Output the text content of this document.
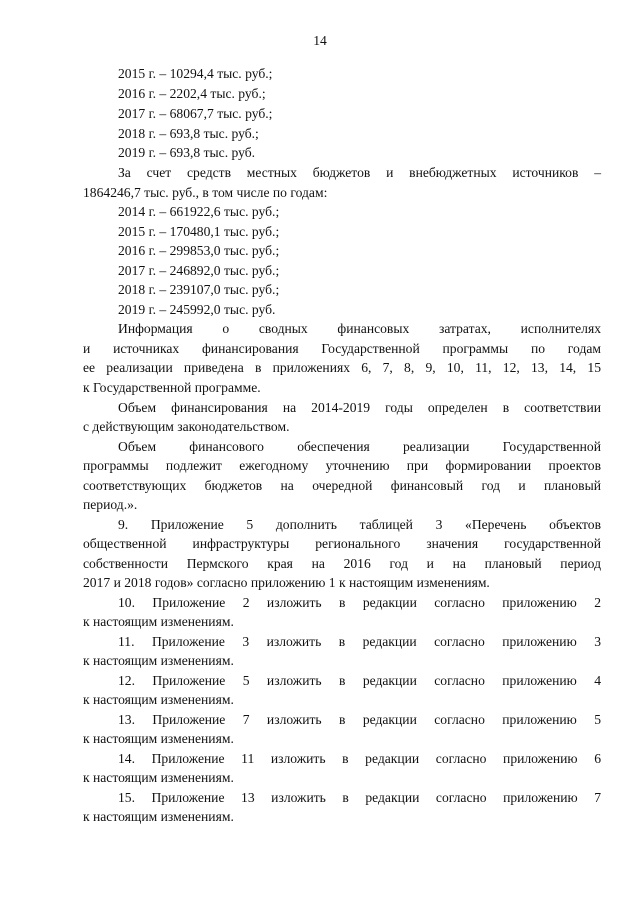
14
2015 г. – 10294,4 тыс. руб.;
2016 г. – 2202,4 тыс. руб.;
2017 г. – 68067,7 тыс. руб.;
2018 г. – 693,8 тыс. руб.;
2019 г. – 693,8 тыс. руб.
За счет средств местных бюджетов и внебюджетных источников –
1864246,7 тыс. руб., в том числе по годам:
2014 г. – 661922,6 тыс. руб.;
2015 г. – 170480,1 тыс. руб.;
2016 г. – 299853,0 тыс. руб.;
2017 г. – 246892,0 тыс. руб.;
2018 г. – 239107,0 тыс. руб.;
2019 г. – 245992,0 тыс. руб.
Информация о сводных финансовых затратах, исполнителях
и источниках финансирования Государственной программы по годам
ее реализации приведена в приложениях 6, 7, 8, 9, 10, 11, 12, 13, 14, 15
к Государственной программе.
Объем финансирования на 2014-2019 годы определен в соответствии
с действующим законодательством.
Объем финансового обеспечения реализации Государственной
программы подлежит ежегодному уточнению при формировании проектов
соответствующих бюджетов на очередной финансовый год и плановый
период.».
9. Приложение 5 дополнить таблицей 3 «Перечень объектов
общественной инфраструктуры регионального значения государственной
собственности Пермского края на 2016 год и на плановый период
2017 и 2018 годов» согласно приложению 1 к настоящим изменениям.
10. Приложение 2 изложить в редакции согласно приложению 2
к настоящим изменениям.
11. Приложение 3 изложить в редакции согласно приложению 3
к настоящим изменениям.
12. Приложение 5 изложить в редакции согласно приложению 4
к настоящим изменениям.
13. Приложение 7 изложить в редакции согласно приложению 5
к настоящим изменениям.
14. Приложение 11 изложить в редакции согласно приложению 6
к настоящим изменениям.
15. Приложение 13 изложить в редакции согласно приложению 7
к настоящим изменениям.
